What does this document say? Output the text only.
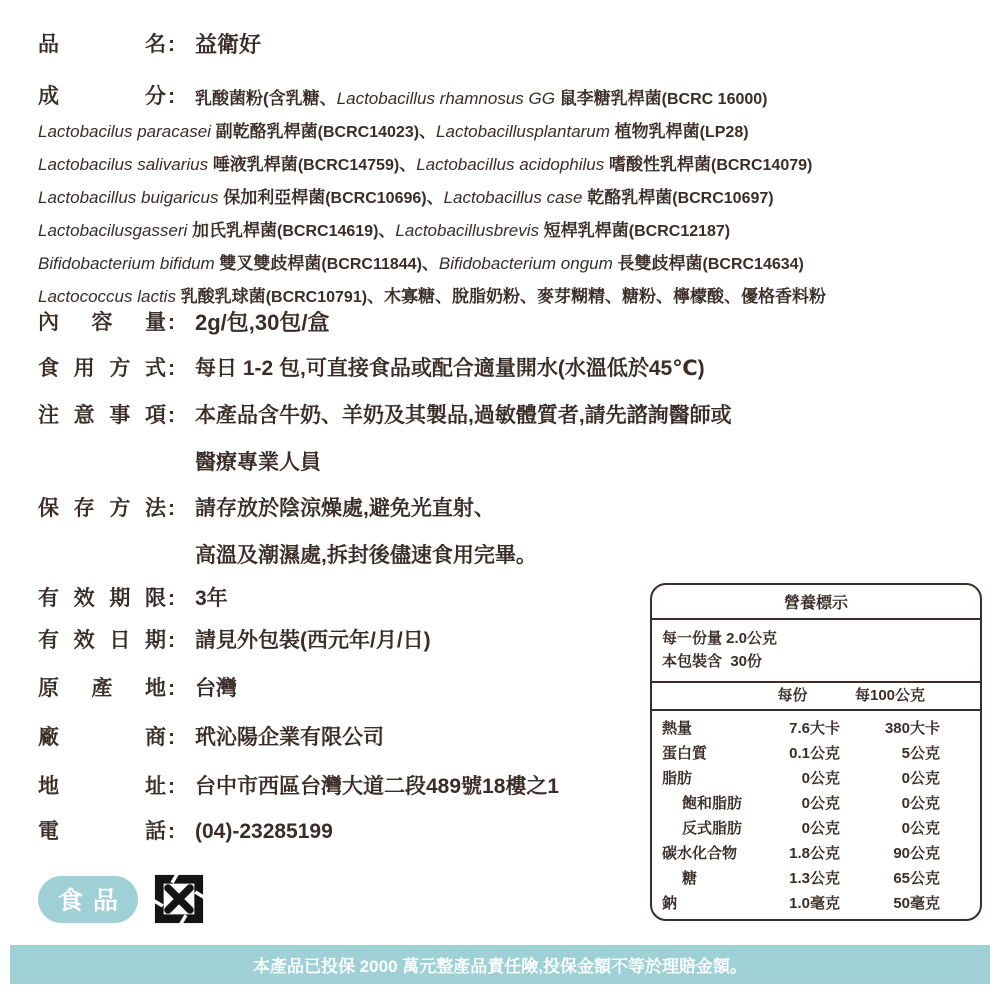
品名 : 益衛好
成分 : 乳酸菌粉(含乳糖、Lactobacillus rhamnosus GG 鼠李糖乳桿菌(BCRC 16000)
Lactobacilus paracasei 副乾酪乳桿菌(BCRC14023)、Lactobacillusplantarum 植物乳桿菌(LP28)
Lactobacilus salivarius 唾液乳桿菌(BCRC14759)、Lactobacillus acidophilus 嗜酸性乳桿菌(BCRC14079)
Lactobacillus buigaricus 保加利亞桿菌(BCRC10696)、Lactobacillus case 乾酪乳桿菌(BCRC10697)
Lactobacilusgasseri 加氏乳桿菌(BCRC14619)、Lactobacillusbrevis 短桿乳桿菌(BCRC12187)
Bifidobacterium bifidum 雙叉雙歧桿菌(BCRC11844)、Bifidobacterium ongum 長雙歧桿菌(BCRC14634)
Lactococcus lactis 乳酸乳球菌(BCRC10791)、木寡糖、脫脂奶粉、麥芽糊精、糖粉、檸檬酸、優格香料粉
內容量 : 2g/包,30包/盒
食用方式 : 每日 1-2 包,可直接食品或配合適量開水(水溫低於45℃)
注意事項 : 本產品含牛奶、羊奶及其製品,過敏體質者,請先諮詢醫師或
醫療專業人員
保存方法 : 請存放於陰涼燥處,避免光直射、
高溫及潮濕處,拆封後儘速食用完畢。
有效期限 : 3年
有效日期 : 請見外包裝(西元年/月/日)
原產地 : 台灣
廠商 : 玳沁陽企業有限公司
地址 : 台中市西區台灣大道二段489號18樓之1
電話 : (04)-23285199
營養標示
每一份量 2.0公克
本包裝含  30份
每份	每100公克
熱量	7.6大卡	380大卡
蛋白質	0.1公克	5公克
脂肪	0公克	0公克
飽和脂肪	0公克	0公克
反式脂肪	0公克	0公克
碳水化合物	1.8公克	90公克
糖	1.3公克	65公克
鈉	1.0毫克	50毫克
食品
本產品已投保 2000 萬元整產品責任險,投保金額不等於理賠金額。
